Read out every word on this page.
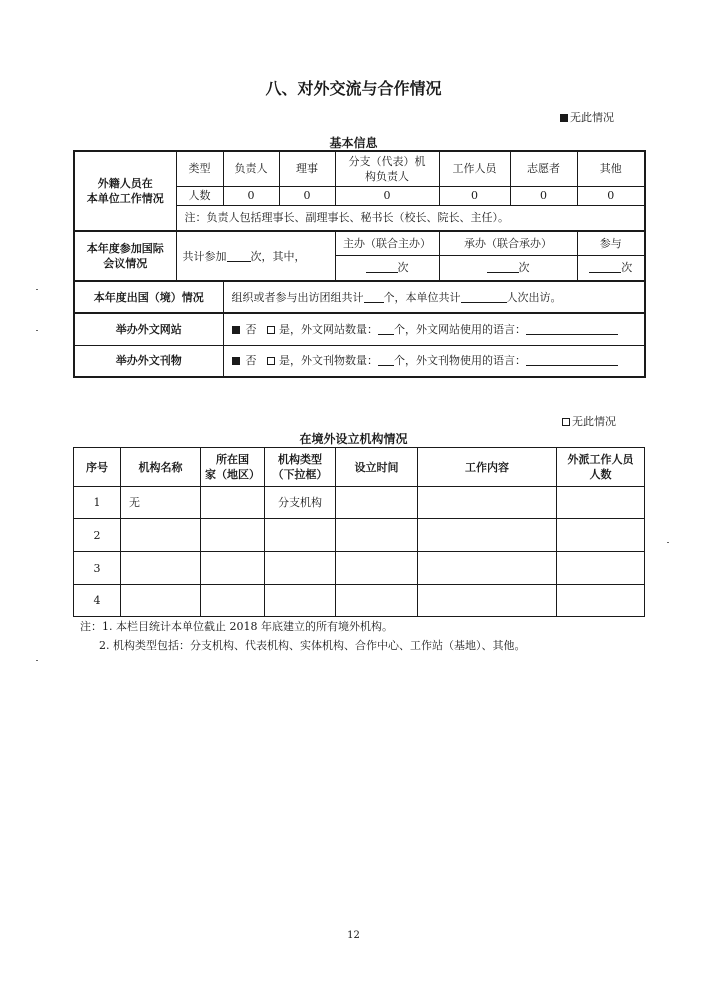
八、对外交流与合作情况
无此情况
基本信息
外籍人员在
本单位工作情况	类型	负责人	理事	分支（代表）机
构负责人	工作人员	志愿者	其他
	人数	0	0	0	0	0	0
	注：负责人包括理事长、副理事长、秘书长（校长、院长、主任）。						
本年度参加国际
会议情况	共计参加 次，其中，			主办（联合主办）	承办（联合承办）		参与
				次	次		次
本年度出国（境）情况		组织或者参与出访团组共计 个，本单位共计 人次出访。					
举办外文网站		否 是，外文网站数量： 个，外文网站使用的语言：					
举办外文刊物		否 是，外文刊物数量： 个，外文刊物使用的语言：					
无此情况
在境外设立机构情况
序号	机构名称	所在国
家（地区）	机构类型
（下拉框）	设立时间	工作内容	外派工作人员
人数
1	无		分支机构			
2						
3						
4						
注：1. 本栏目统计本单位截止 2018 年底建立的所有境外机构。
2. 机构类型包括：分支机构、代表机构、实体机构、合作中心、工作站（基地）、其他。
12
